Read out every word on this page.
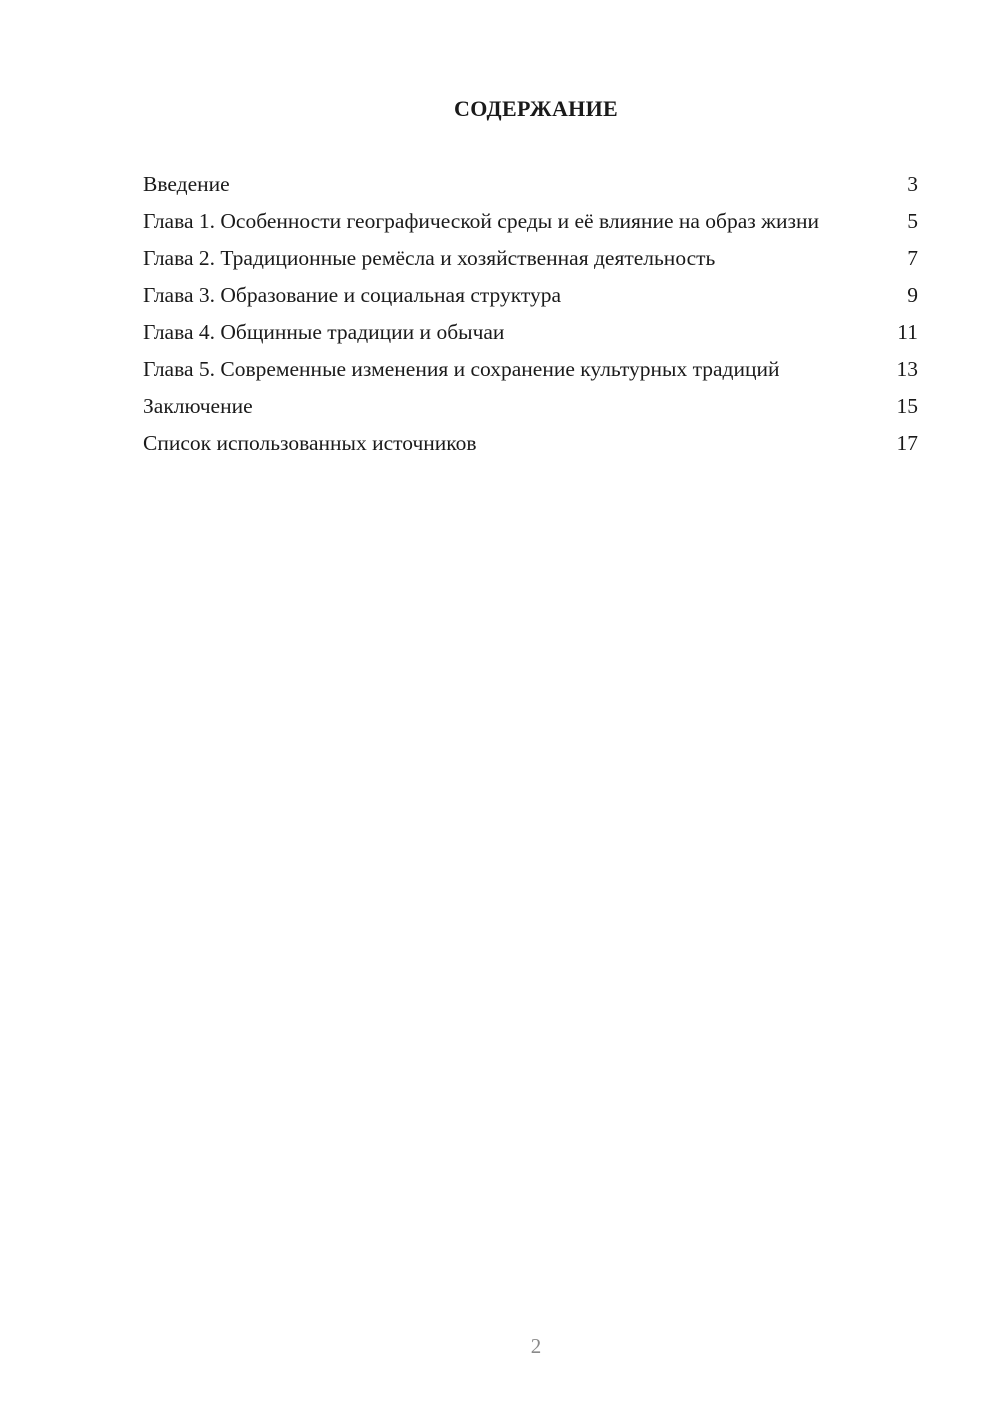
СОДЕРЖАНИЕ
Введение	3
Глава 1. Особенности географической среды и её влияние на образ жизни	5
Глава 2. Традиционные ремёсла и хозяйственная деятельность	7
Глава 3. Образование и социальная структура	9
Глава 4. Общинные традиции и обычаи	11
Глава 5. Современные изменения и сохранение культурных традиций	13
Заключение	15
Список использованных источников	17
2
